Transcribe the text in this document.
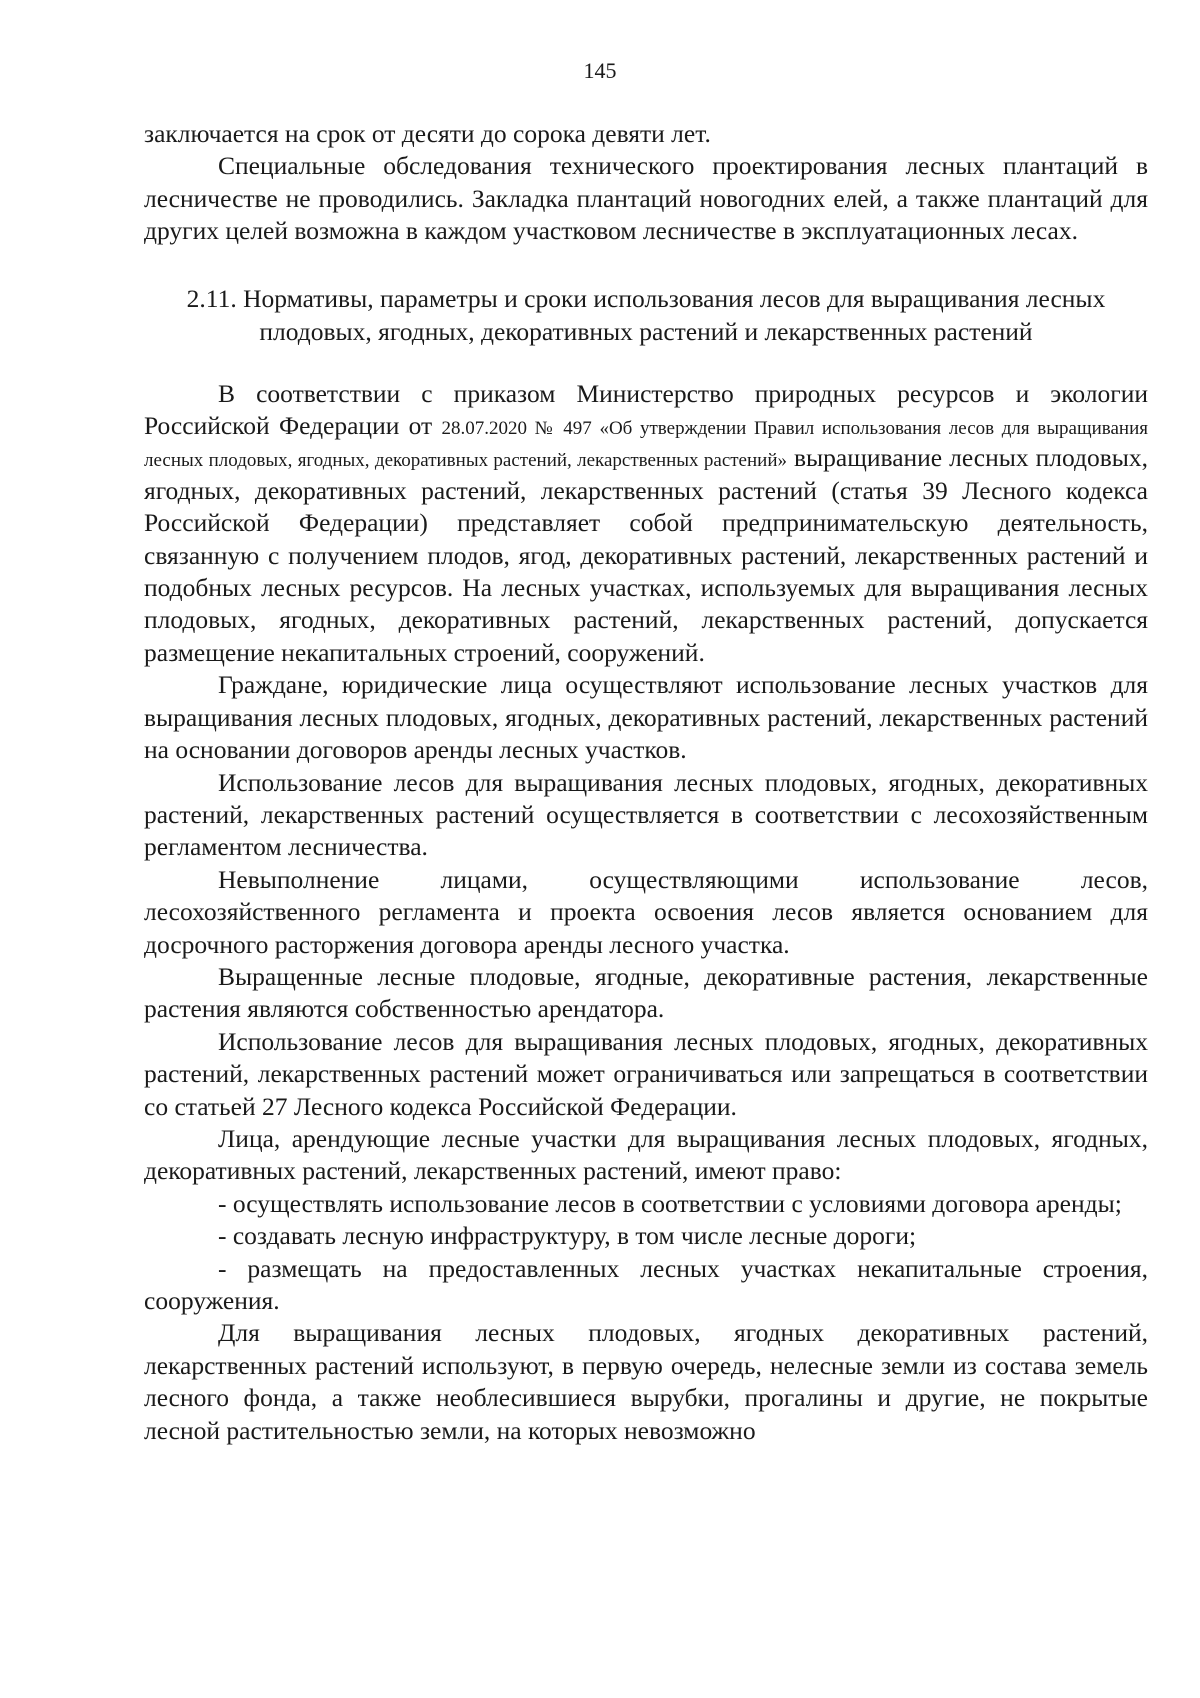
145

заключается на срок от десяти до сорока девяти лет.

Специальные обследования технического проектирования лесных плантаций в лесничестве не проводились. Закладка плантаций новогодних елей, а также плантаций для других целей возможна в каждом участковом лесничестве в эксплуатационных лесах.

2.11. Нормативы, параметры и сроки использования лесов для выращивания лесных плодовых, ягодных, декоративных растений и лекарственных растений

В соответствии с приказом Министерство природных ресурсов и экологии Российской Федерации от 28.07.2020 № 497 «Об утверждении Правил использования лесов для выращивания лесных плодовых, ягодных, декоративных растений, лекарственных растений» выращивание лесных плодовых, ягодных, декоративных растений, лекарственных растений (статья 39 Лесного кодекса Российской Федерации) представляет собой предпринимательскую деятельность, связанную с получением плодов, ягод, декоративных растений, лекарственных растений и подобных лесных ресурсов. На лесных участках, используемых для выращивания лесных плодовых, ягодных, декоративных растений, лекарственных растений, допускается размещение некапитальных строений, сооружений.

Граждане, юридические лица осуществляют использование лесных участков для выращивания лесных плодовых, ягодных, декоративных растений, лекарственных растений на основании договоров аренды лесных участков.

Использование лесов для выращивания лесных плодовых, ягодных, декоративных растений, лекарственных растений осуществляется в соответствии с лесохозяйственным регламентом лесничества.

Невыполнение лицами, осуществляющими использование лесов, лесохозяйственного регламента и проекта освоения лесов является основанием для досрочного расторжения договора аренды лесного участка.

Выращенные лесные плодовые, ягодные, декоративные растения, лекарственные растения являются собственностью арендатора.

Использование лесов для выращивания лесных плодовых, ягодных, декоративных растений, лекарственных растений может ограничиваться или запрещаться в соответствии со статьей 27 Лесного кодекса Российской Федерации.

Лица, арендующие лесные участки для выращивания лесных плодовых, ягодных, декоративных растений, лекарственных растений, имеют право:

- осуществлять использование лесов в соответствии с условиями договора аренды;

- создавать лесную инфраструктуру, в том числе лесные дороги;

- размещать на предоставленных лесных участках некапитальные строения, сооружения.

Для выращивания лесных плодовых, ягодных декоративных растений, лекарственных растений используют, в первую очередь, нелесные земли из состава земель лесного фонда, а также необлесившиеся вырубки, прогалины и другие, не покрытые лесной растительностью земли, на которых невозможно
